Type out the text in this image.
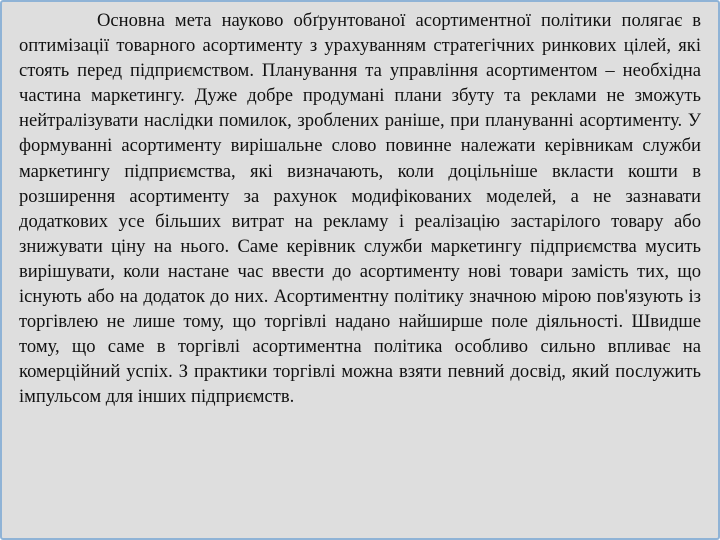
Основна мета науково обґрунтованої асортиментної політики полягає в оптимізації товарного асортименту з урахуванням стратегічних ринкових цілей, які стоять перед підприємством. Планування та управління асортиментом – необхідна частина маркетингу. Дуже добре продумані плани збуту та реклами не зможуть нейтралізувати наслідки помилок, зроблених раніше, при плануванні асортименту. У формуванні асортименту вирішальне слово повинне належати керівникам служби маркетингу підприємства, які визначають, коли доцільніше вкласти кошти в розширення асортименту за рахунок модифікованих моделей, а не зазнавати додаткових усе більших витрат на рекламу і реалізацію застарілого товару або знижувати ціну на нього. Саме керівник служби маркетингу підприємства мусить вирішувати, коли настане час ввести до асортименту нові товари замість тих, що існують або на додаток до них. Асортиментну політику значною мірою пов'язують із торгівлею не лише тому, що торгівлі надано найширше поле діяльності. Швидше тому, що саме в торгівлі асортиментна політика особливо сильно впливає на комерційний успіх. З практики торгівлі можна взяти певний досвід, який послужить імпульсом для інших підприємств.
